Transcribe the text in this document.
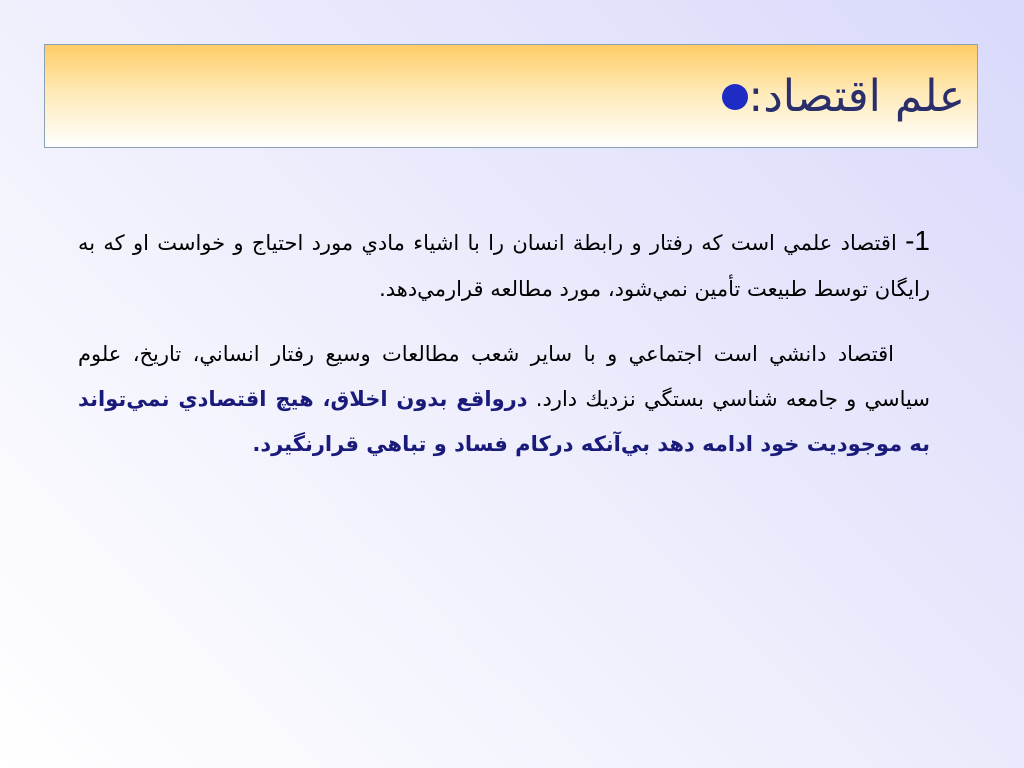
علم اقتصاد:

1- اقتصاد علمي است كه رفتار و رابطة انسان را با اشياء مادي مورد احتياج و خواست او كه به رايگان توسط طبيعت تأمين نمي‌شود، مورد مطالعه قرارمي‌دهد.

اقتصاد دانشي است اجتماعي و با ساير شعب مطالعات وسيع رفتار انساني، تاريخ، علوم سياسي و جامعه شناسي بستگي نزديك دارد. درواقع بدون اخلاق، هيچ اقتصادي نمي‌تواند به موجوديت خود ادامه دهد بي‌آنكه دركام فساد و تباهي قرارنگيرد.
